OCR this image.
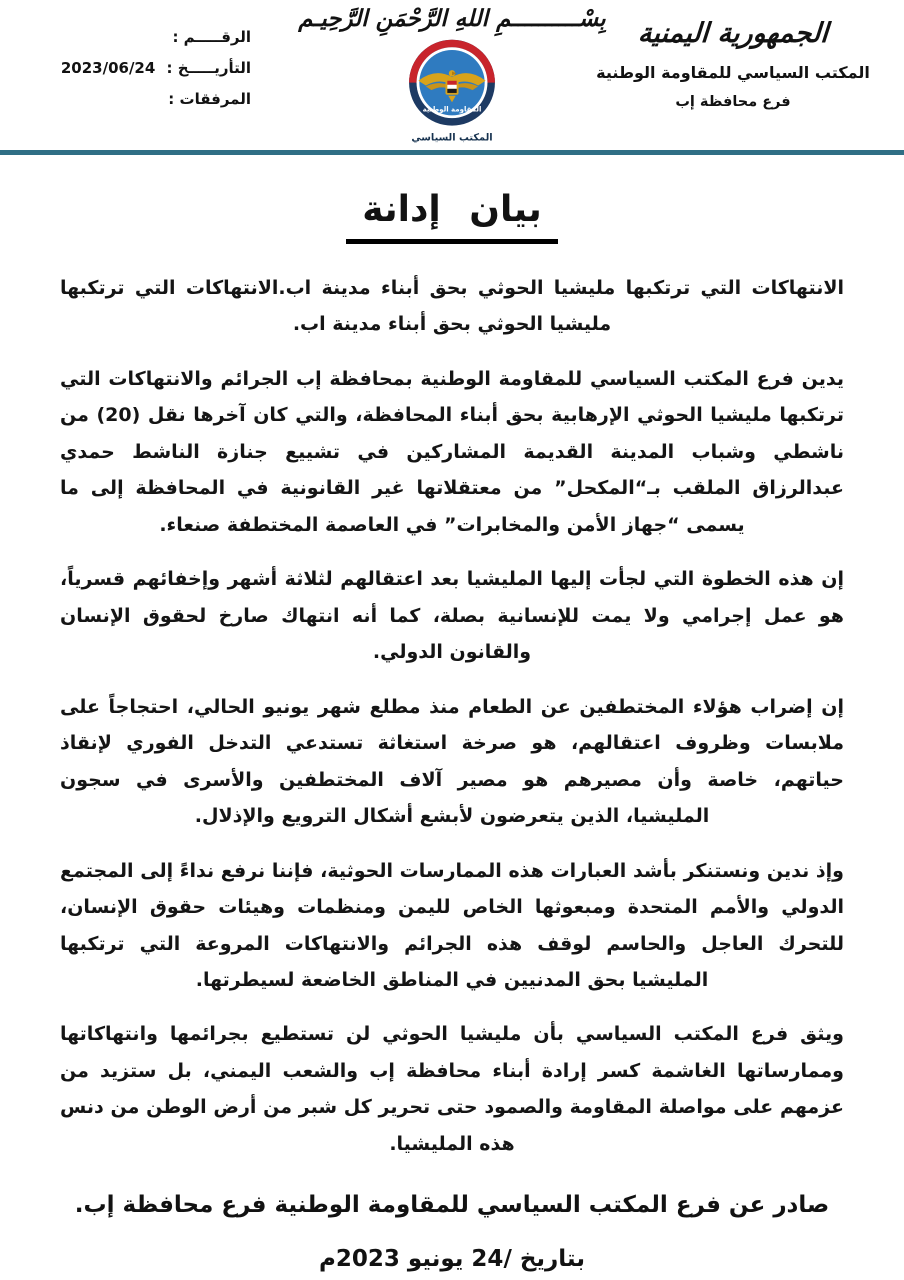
الجمهورية اليمنية
المكتب السياسي للمقاومة الوطنية
فرع محافظة إب
بِسْــــــــــمِ اللهِ الرَّحْمَنِ الرَّحِيـم
المقاومة الوطنية
المكتب السياسي
الرقـــــم :
التأريـــــخ : 2023/06/24
المرفقات :
بيان إدانة

الانتهاكات التي ترتكبها مليشيا الحوثي بحق أبناء مدينة اب.الانتهاكات التي ترتكبها مليشيا الحوثي بحق أبناء مدينة اب.

يدين فرع المكتب السياسي للمقاومة الوطنية بمحافظة إب الجرائم والانتهاكات التي ترتكبها مليشيا الحوثي الإرهابية بحق أبناء المحافظة، والتي كان آخرها نقل (20) من ناشطي وشباب المدينة القديمة المشاركين في تشييع جنازة الناشط حمدي عبدالرزاق الملقب بـ“المكحل” من معتقلاتها غير القانونية في المحافظة إلى ما يسمى “جهاز الأمن والمخابرات” في العاصمة المختطفة صنعاء.

إن هذه الخطوة التي لجأت إليها المليشيا بعد اعتقالهم لثلاثة أشهر وإخفائهم قسرياً، هو عمل إجرامي ولا يمت للإنسانية بصلة، كما أنه انتهاك صارخ لحقوق الإنسان والقانون الدولي.

إن إضراب هؤلاء المختطفين عن الطعام منذ مطلع شهر يونيو الحالي، احتجاجاً على ملابسات وظروف اعتقالهم، هو صرخة استغاثة تستدعي التدخل الفوري لإنقاذ حياتهم، خاصة وأن مصيرهم هو مصير آلاف المختطفين والأسرى في سجون المليشيا، الذين يتعرضون لأبشع أشكال الترويع والإذلال.

وإذ ندين ونستنكر بأشد العبارات هذه الممارسات الحوثية، فإننا نرفع نداءً إلى المجتمع الدولي والأمم المتحدة ومبعوثها الخاص لليمن ومنظمات وهيئات حقوق الإنسان، للتحرك العاجل والحاسم لوقف هذه الجرائم والانتهاكات المروعة التي ترتكبها المليشيا بحق المدنيين في المناطق الخاضعة لسيطرتها.

ويثق فرع المكتب السياسي بأن مليشيا الحوثي لن تستطيع بجرائمها وانتهاكاتها وممارساتها الغاشمة كسر إرادة أبناء محافظة إب والشعب اليمني، بل ستزيد من عزمهم على مواصلة المقاومة والصمود حتى تحرير كل شبر من أرض الوطن من دنس هذه المليشيا.

صادر عن فرع المكتب السياسي للمقاومة الوطنية فرع محافظة إب.
بتاريخ /24 يونيو 2023م
